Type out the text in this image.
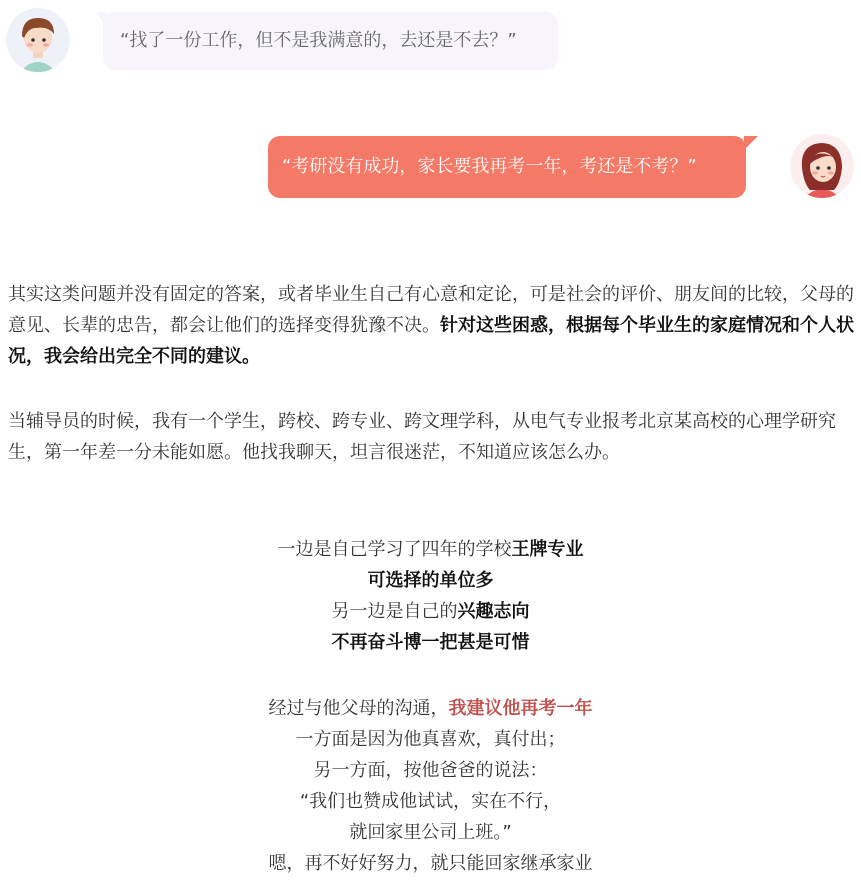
“找了一份工作，但不是我满意的，去还是不去？”
“考研没有成功，家长要我再考一年，考还是不考？”

其实这类问题并没有固定的答案，或者毕业生自己有心意和定论，可是社会的评价、朋友间的比较，父母的意见、长辈的忠告，都会让他们的选择变得犹豫不决。针对这些困惑，根据每个毕业生的家庭情况和个人状况，我会给出完全不同的建议。

当辅导员的时候，我有一个学生，跨校、跨专业、跨文理学科，从电气专业报考北京某高校的心理学研究生，第一年差一分未能如愿。他找我聊天，坦言很迷茫，不知道应该怎么办。

一边是自己学习了四年的学校王牌专业

可选择的单位多

另一边是自己的兴趣志向

不再奋斗博一把甚是可惜

经过与他父母的沟通，我建议他再考一年

一方面是因为他真喜欢，真付出；

另一方面，按他爸爸的说法：

“我们也赞成他试试，实在不行，

就回家里公司上班。”

嗯，再不好好努力，就只能回家继承家业
